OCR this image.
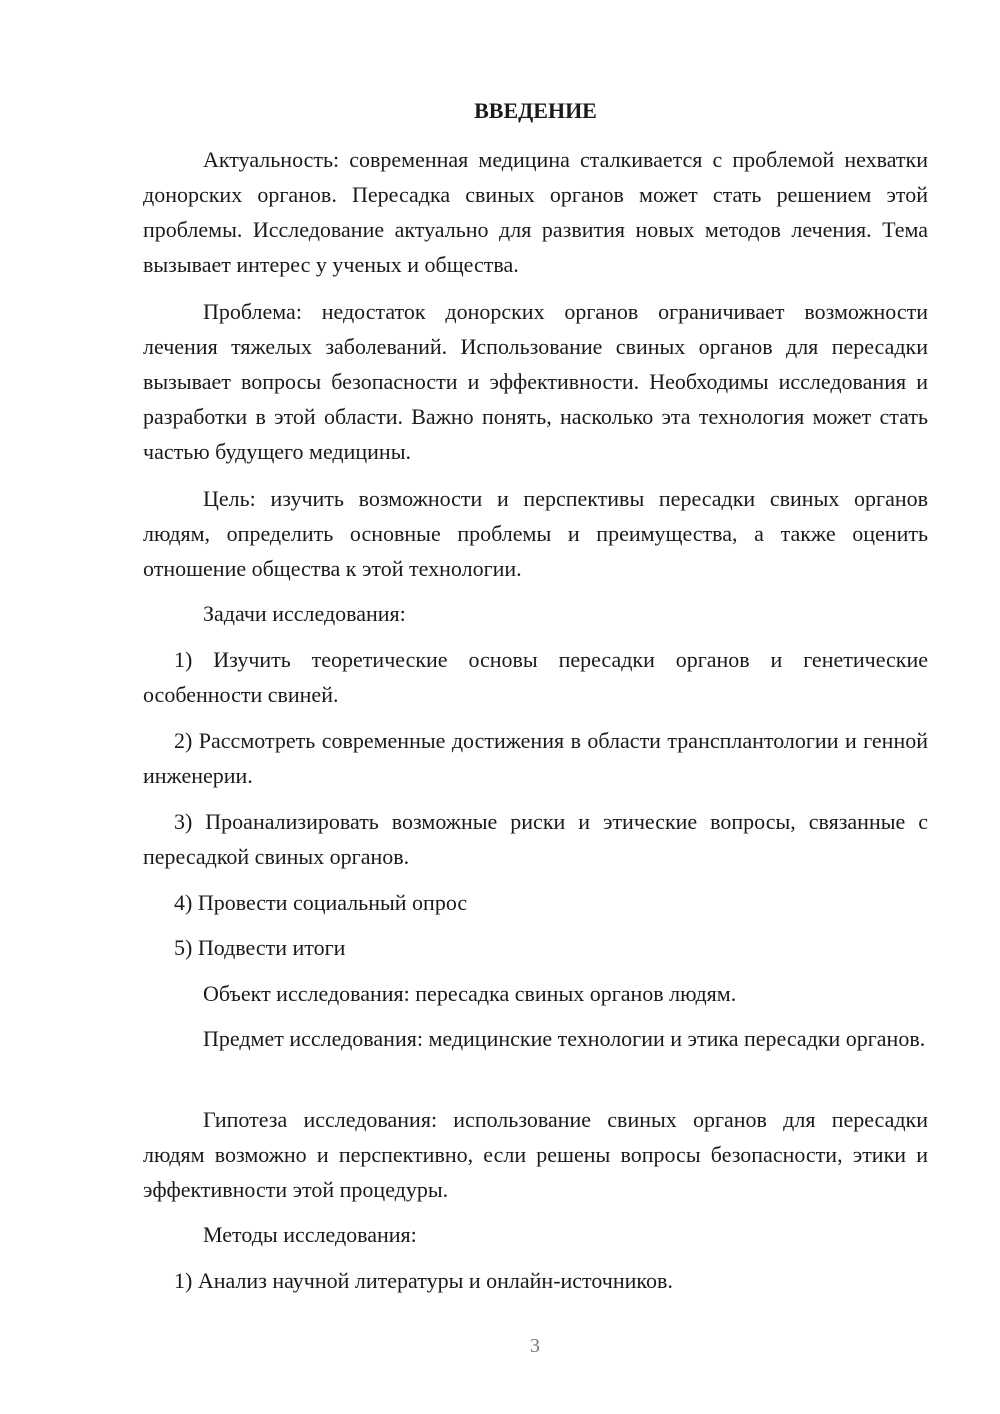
ВВЕДЕНИЕ

Актуальность: современная медицина сталкивается с проблемой нехватки донорских органов. Пересадка свиных органов может стать решением этой проблемы. Исследование актуально для развития новых методов лечения. Тема вызывает интерес у ученых и общества.

Проблема: недостаток донорских органов ограничивает возможности лечения тяжелых заболеваний. Использование свиных органов для пересадки вызывает вопросы безопасности и эффективности. Необходимы исследования и разработки в этой области. Важно понять, насколько эта технология может стать частью будущего медицины.

Цель: изучить возможности и перспективы пересадки свиных органов людям, определить основные проблемы и преимущества, а также оценить отношение общества к этой технологии.

Задачи исследования:

1) Изучить теоретические основы пересадки органов и генетические особенности свиней.

2) Рассмотреть современные достижения в области трансплантологии и генной инженерии.

3) Проанализировать возможные риски и этические вопросы, связанные с пересадкой свиных органов.

4) Провести социальный опрос

5) Подвести итоги

Объект исследования: пересадка свиных органов людям.

Предмет исследования: медицинские технологии и этика пересадки органов.

Гипотеза исследования: использование свиных органов для пересадки людям возможно и перспективно, если решены вопросы безопасности, этики и эффективности этой процедуры.

Методы исследования:

1) Анализ научной литературы и онлайн-источников.

3
